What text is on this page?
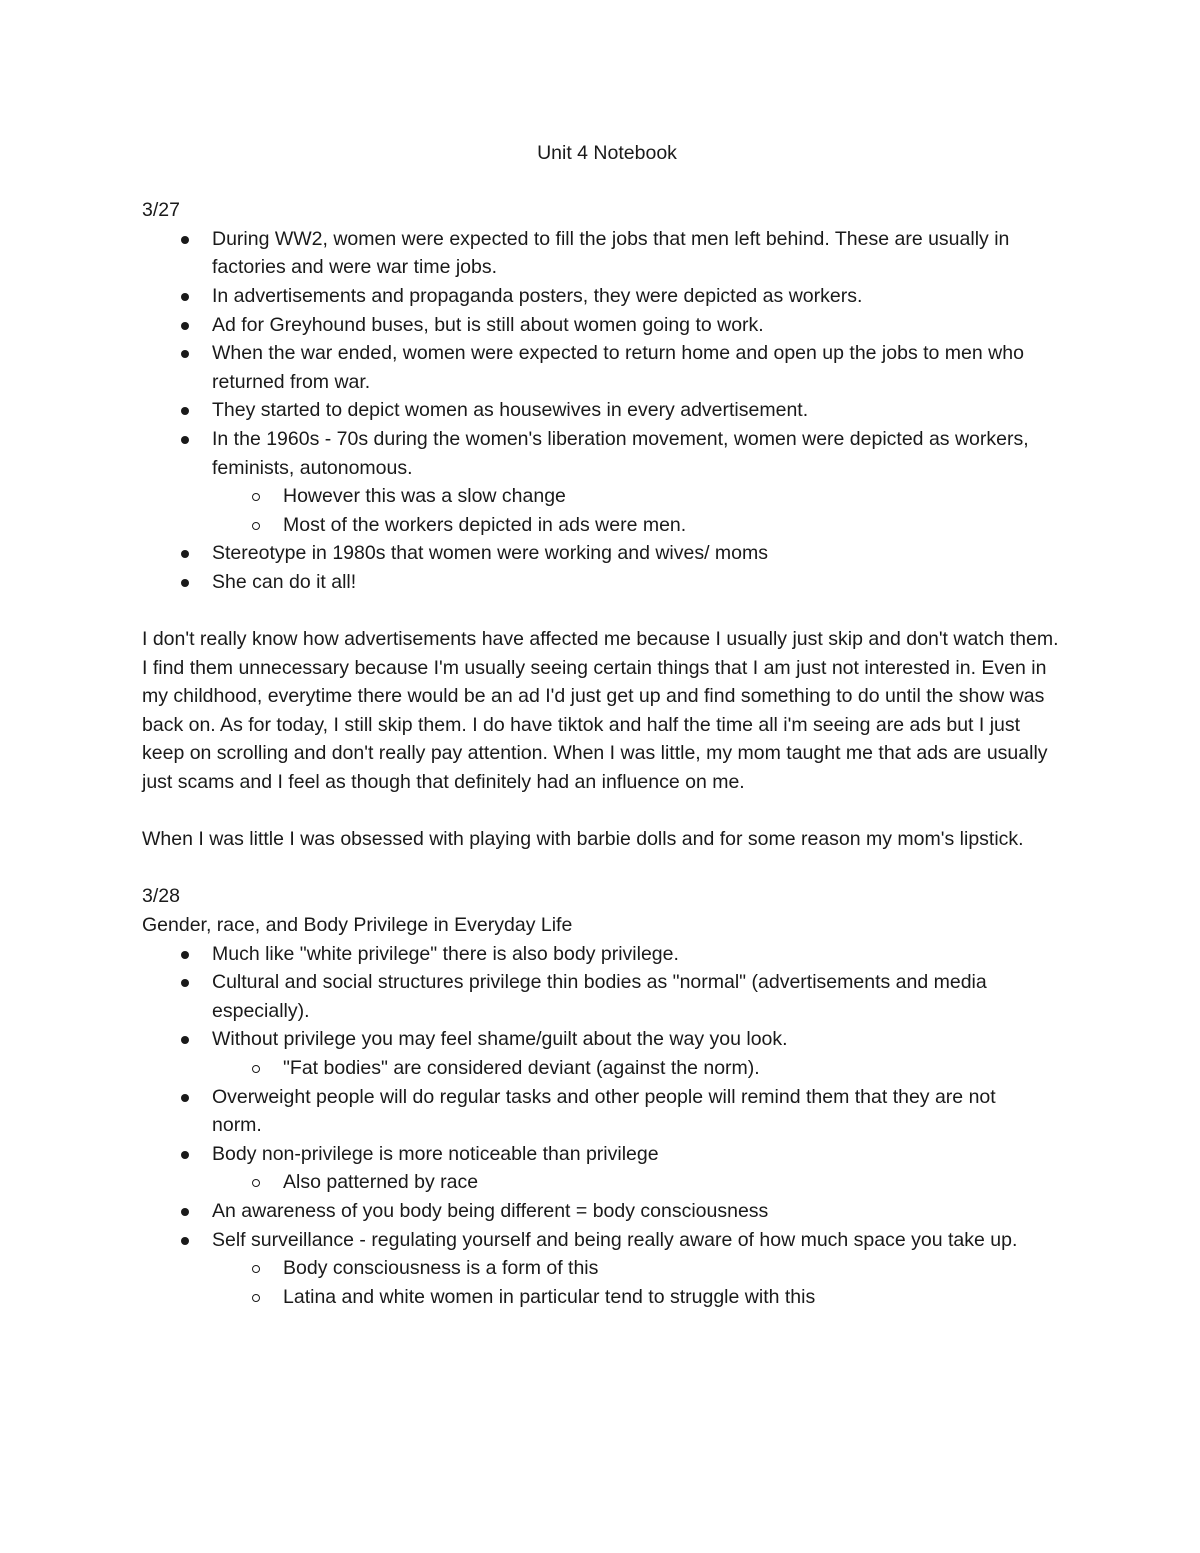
Unit 4 Notebook

3/27

During WW2, women were expected to fill the jobs that men left behind. These are usually in factories and were war time jobs.
In advertisements and propaganda posters, they were depicted as workers.
Ad for Greyhound buses, but is still about women going to work.
When the war ended, women were expected to return home and open up the jobs to men who returned from war.
They started to depict women as housewives in every advertisement.
In the 1960s - 70s during the women's liberation movement, women were depicted as workers, feminists, autonomous.
However this was a slow change
Most of the workers depicted in ads were men.
Stereotype in 1980s that women were working and wives/ moms
She can do it all!

I don't really know how advertisements have affected me because I usually just skip and don't watch them. I find them unnecessary because I'm usually seeing certain things that I am just not interested in. Even in my childhood, everytime there would be an ad I'd just get up and find something to do until the show was back on. As for today, I still skip them. I do have tiktok and half the time all i'm seeing are ads but I just keep on scrolling and don't really pay attention. When I was little, my mom taught me that ads are usually just scams and I feel as though that definitely had an influence on me.

When I was little I was obsessed with playing with barbie dolls and for some reason my mom's lipstick.

3/28

Gender, race, and Body Privilege in Everyday Life

Much like "white privilege" there is also body privilege.
Cultural and social structures privilege thin bodies as "normal" (advertisements and media especially).
Without privilege you may feel shame/guilt about the way you look.
"Fat bodies" are considered deviant (against the norm).
Overweight people will do regular tasks and other people will remind them that they are not norm.
Body non-privilege is more noticeable than privilege
Also patterned by race
An awareness of you body being different = body consciousness
Self surveillance - regulating yourself and being really aware of how much space you take up.
Body consciousness is a form of this
Latina and white women in particular tend to struggle with this
